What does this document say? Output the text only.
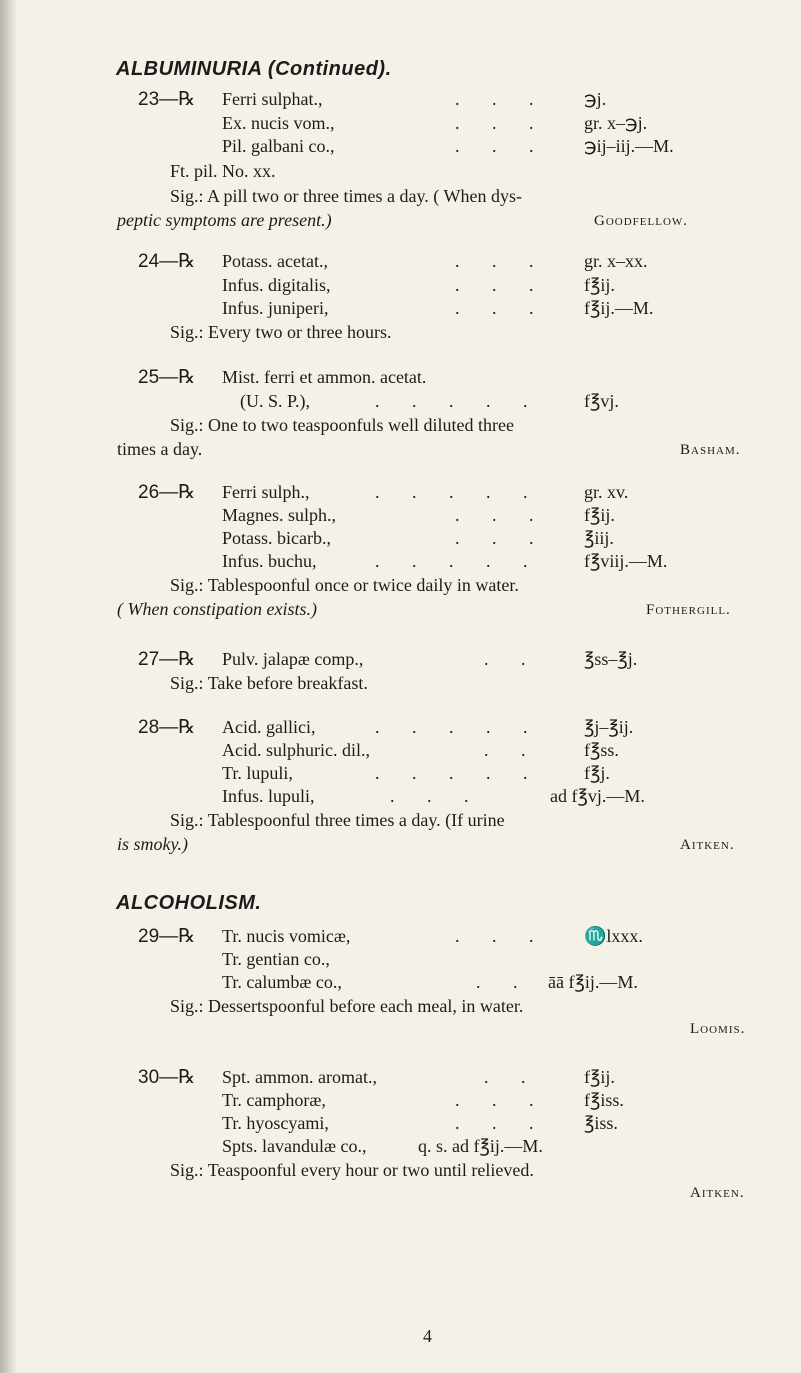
ALBUMINURIA (Continued).
23—℞ Ferri sulphat.,	. . . ℈j.
Ex. nucis vom.,	. . . gr. x–℈j.
Pil. galbani co.,	. . . ℈ij–iij.—M.
Ft. pil. No. xx.
Sig.: A pill two or three times a day. ( When dys-
peptic symptoms are present.)	Goodfellow.
24—℞ Potass. acetat.,	. . . gr. x–xx.
Infus. digitalis,	. . . f℥ij.
Infus. juniperi,	. . . f℥ij.—M.
Sig.: Every two or three hours.
25—℞ Mist. ferri et ammon. acetat.
(U. S. P.),	. . . . . f℥vj.
Sig.: One to two teaspoonfuls well diluted three
times a day.	Basham.
26—℞ Ferri sulph.,	. . . . . gr. xv.
Magnes. sulph.,	. . . f℥ij.
Potass. bicarb.,	. . . ℥iij.
Infus. buchu,	. . . . . f℥viij.—M.
Sig.: Tablespoonful once or twice daily in water.
( When constipation exists.)	Fothergill.
27—℞ Pulv. jalapæ comp.,	. . ℥ss–℥j.
Sig.: Take before breakfast.
28—℞ Acid. gallici,	. . . . . ℥j–℥ij.
Acid. sulphuric. dil.,	. . f℥ss.
Tr. lupuli,	. . . . . f℥j.
Infus. lupuli,	. . .	ad f℥vj.—M.
Sig.: Tablespoonful three times a day. (If urine
is smoky.)	Aitken.
ALCOHOLISM.
29—℞ Tr. nucis vomicæ,	. . . ♏lxxx.
Tr. gentian co.,
Tr. calumbæ co.,	. . āā f℥ij.—M.
Sig.: Dessertspoonful before each meal, in water.
Loomis.
30—℞ Spt. ammon. aromat.,	. . f℥ij.
Tr. camphoræ,	. . . f℥iss.
Tr. hyoscyami,	. . . ℥iss.
Spts. lavandulæ co.,	q. s. ad f℥ij.—M.
Sig.: Teaspoonful every hour or two until relieved.
Aitken.
4
